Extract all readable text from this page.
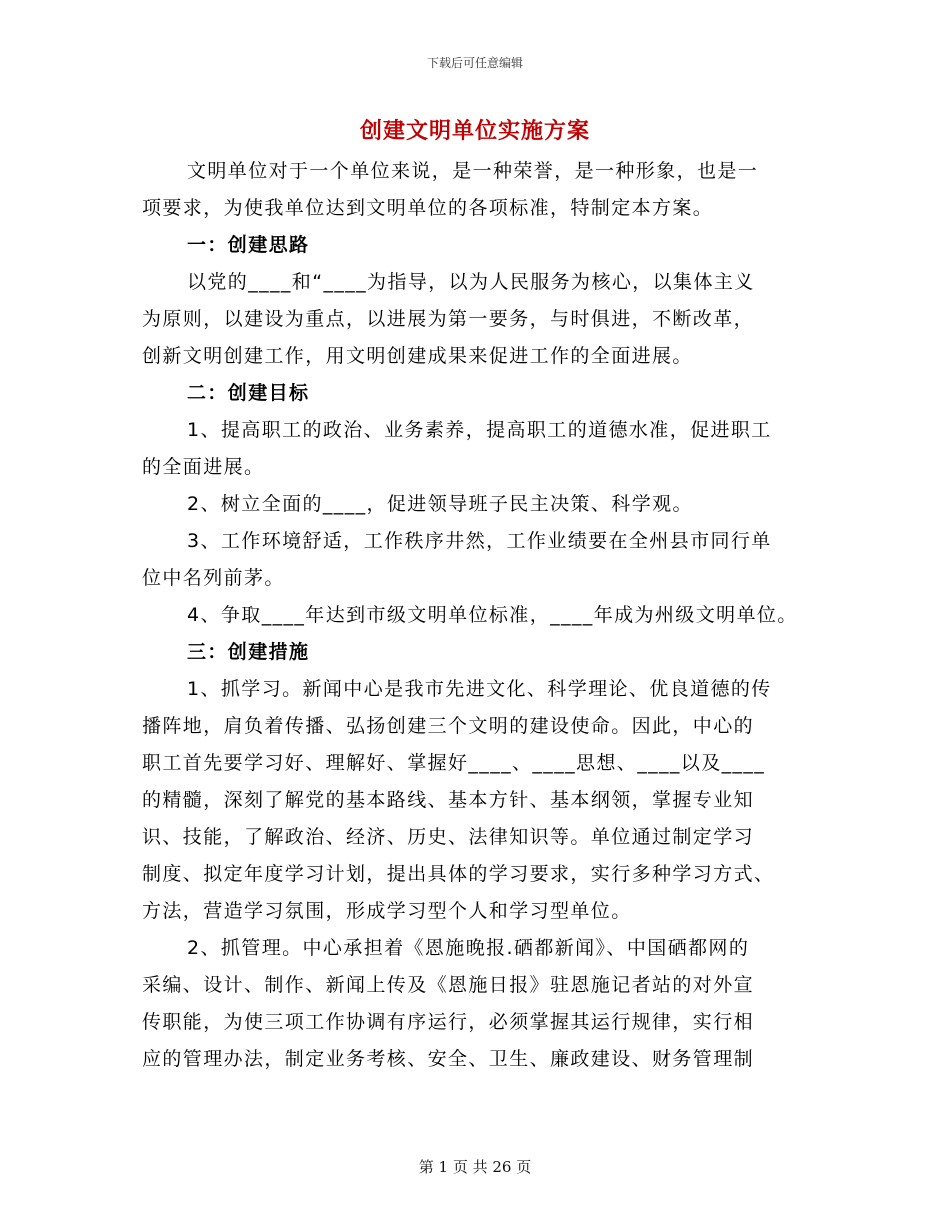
下载后可任意编辑
创建文明单位实施方案
文明单位对于一个单位来说，是一种荣誉，是一种形象，也是一
项要求，为使我单位达到文明单位的各项标准，特制定本方案。
一：创建思路
以党的____和“____为指导，以为人民服务为核心，以集体主义
为原则，以建设为重点，以进展为第一要务，与时俱进，不断改革，
创新文明创建工作，用文明创建成果来促进工作的全面进展。
二：创建目标
1、提高职工的政治、业务素养，提高职工的道德水准，促进职工
的全面进展。
2、树立全面的____，促进领导班子民主决策、科学观。
3、工作环境舒适，工作秩序井然，工作业绩要在全州县市同行单
位中名列前茅。
4、争取____年达到市级文明单位标准，____年成为州级文明单位。
三：创建措施
1、抓学习。新闻中心是我市先进文化、科学理论、优良道德的传
播阵地，肩负着传播、弘扬创建三个文明的建设使命。因此，中心的
职工首先要学习好、理解好、掌握好____、____思想、____以及____
的精髓，深刻了解党的基本路线、基本方针、基本纲领，掌握专业知
识、技能，了解政治、经济、历史、法律知识等。单位通过制定学习
制度、拟定年度学习计划，提出具体的学习要求，实行多种学习方式、
方法，营造学习氛围，形成学习型个人和学习型单位。
2、抓管理。中心承担着《恩施晚报.硒都新闻》、中国硒都网的
采编、设计、制作、新闻上传及《恩施日报》驻恩施记者站的对外宣
传职能，为使三项工作协调有序运行，必须掌握其运行规律，实行相
应的管理办法，制定业务考核、安全、卫生、廉政建设、财务管理制
第 1 页 共 26 页
